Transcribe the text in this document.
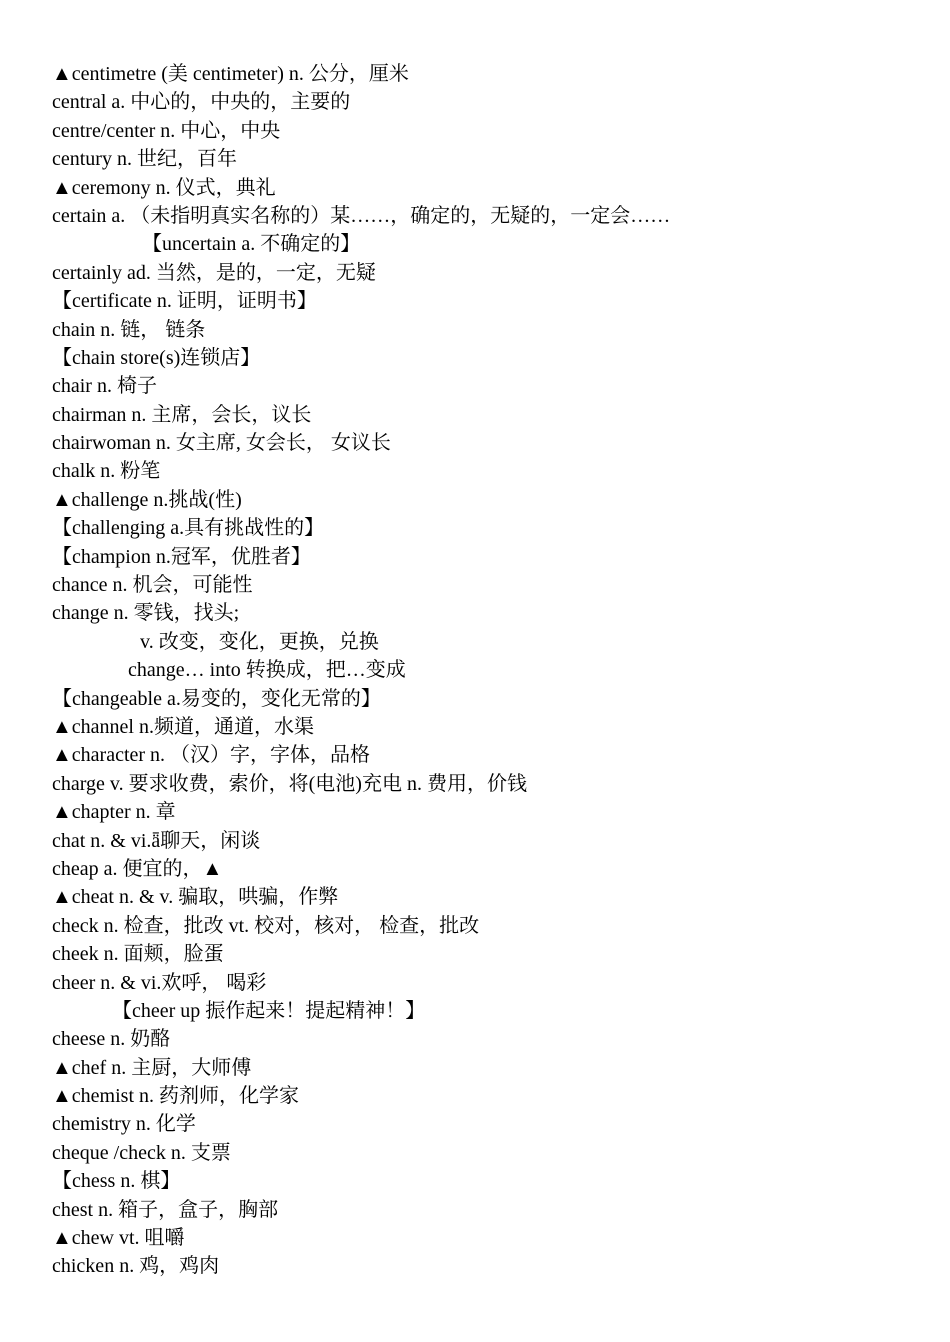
▲centimetre (美 centimeter) n. 公分，厘米
central a. 中心的，中央的，主要的
centre/center n. 中心，中央
century n. 世纪，百年
▲ceremony n. 仪式，典礼
certain a. （未指明真实名称的）某……，确定的，无疑的，一定会……
【uncertain a. 不确定的】
certainly ad. 当然，是的，一定，无疑
【certificate n. 证明，证明书】
chain n. 链， 链条
【chain store(s)连锁店】
chair n. 椅子
chairman n. 主席，会长，议长
chairwoman n. 女主席, 女会长， 女议长
chalk n. 粉笔
▲challenge n.挑战(性)
【challenging a.具有挑战性的】
【champion n.冠军，优胜者】
chance n. 机会，可能性
change n. 零钱，找头;
v. 改变，变化，更换，兑换
change… into 转换成，把…变成
【changeable a.易变的，变化无常的】
▲channel n.频道，通道，水渠
▲character n. （汉）字，字体，品格
charge v. 要求收费，索价，将(电池)充电 n. 费用，价钱
▲chapter n. 章
chat n. & vi.ǟ聊天，闲谈
cheap a. 便宜的，▲
▲cheat n. & v. 骗取，哄骗，作弊
check n. 检查，批改 vt. 校对，核对， 检查，批改
cheek n. 面颊，脸蛋
cheer n. & vi.欢呼， 喝彩
【cheer up 振作起来！提起精神！】
cheese n. 奶酪
▲chef n. 主厨，大师傅
▲chemist n. 药剂师，化学家
chemistry n. 化学
cheque /check n. 支票
【chess n. 棋】
chest n. 箱子，盒子，胸部
▲chew vt. 咀嚼
chicken n. 鸡，鸡肉
